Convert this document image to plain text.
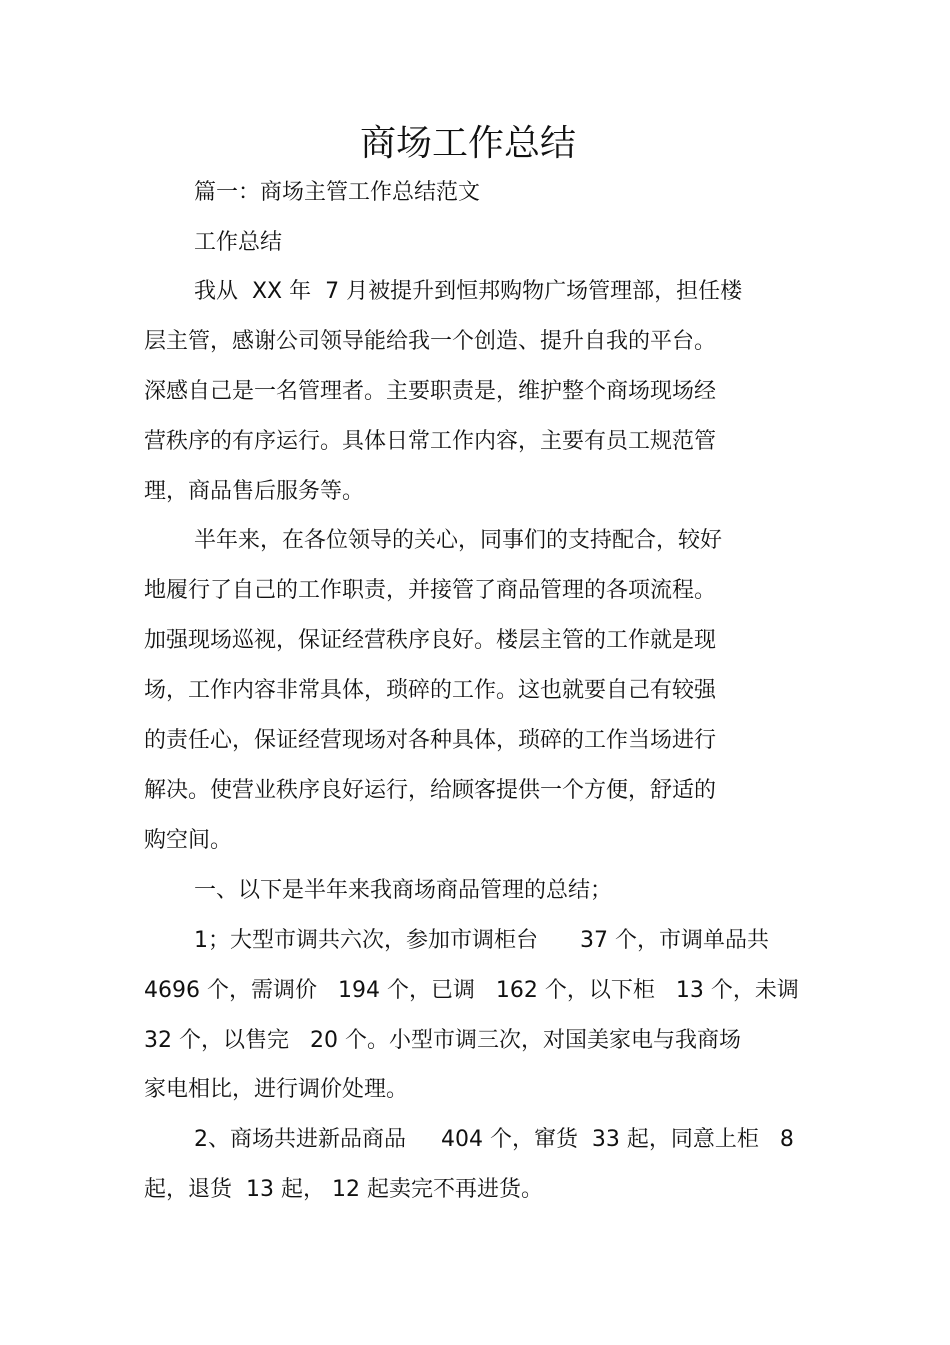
商场工作总结

篇一：商场主管工作总结范文

工作总结

我从  XX 年  7 月被提升到恒邦购物广场管理部，担任楼

层主管，感谢公司领导能给我一个创造、提升自我的平台。

深感自己是一名管理者。主要职责是，维护整个商场现场经

营秩序的有序运行。具体日常工作内容，主要有员工规范管

理，商品售后服务等。

半年来，在各位领导的关心，同事们的支持配合，较好

地履行了自己的工作职责，并接管了商品管理的各项流程。

加强现场巡视，保证经营秩序良好。楼层主管的工作就是现

场，工作内容非常具体，琐碎的工作。这也就要自己有较强

的责任心，保证经营现场对各种具体，琐碎的工作当场进行

解决。使营业秩序良好运行，给顾客提供一个方便，舒适的

购空间。

一、以下是半年来我商场商品管理的总结；

1；大型市调共六次，参加市调柜台      37 个，市调单品共

4696 个，需调价   194 个，已调   162 个，以下柜   13 个，未调

32 个，以售完   20 个。小型市调三次，对国美家电与我商场

家电相比，进行调价处理。

2、商场共进新品商品     404 个，窜货  33 起，同意上柜   8

起，退货  13 起， 12 起卖完不再进货。
